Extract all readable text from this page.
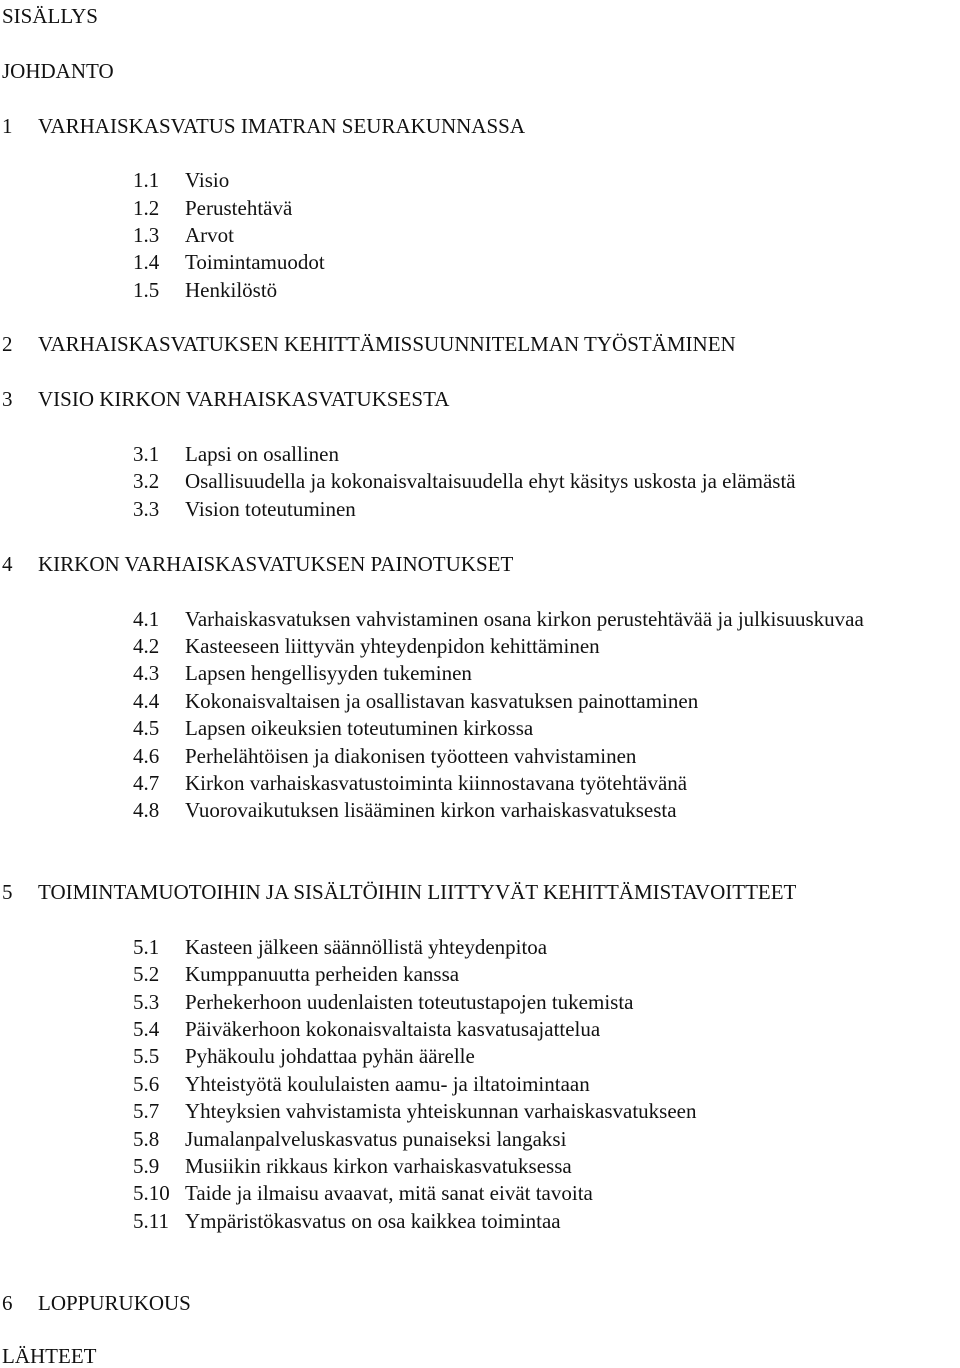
SISÄLLYS
JOHDANTO
1 VARHAISKASVATUS IMATRAN SEURAKUNNASSA
1.1 Visio
1.2 Perustehtävä
1.3 Arvot
1.4 Toimintamuodot
1.5 Henkilöstö
2 VARHAISKASVATUKSEN KEHITTÄMISSUUNNITELMAN TYÖSTÄMINEN
3 VISIO KIRKON VARHAISKASVATUKSESTA
3.1 Lapsi on osallinen
3.2 Osallisuudella ja kokonaisvaltaisuudella ehyt käsitys uskosta ja elämästä
3.3 Vision toteutuminen
4 KIRKON VARHAISKASVATUKSEN PAINOTUKSET
4.1 Varhaiskasvatuksen vahvistaminen osana kirkon perustehtävää ja julkisuuskuvaa
4.2 Kasteeseen liittyvän yhteydenpidon kehittäminen
4.3 Lapsen hengellisyyden tukeminen
4.4 Kokonaisvaltaisen ja osallistavan kasvatuksen painottaminen
4.5 Lapsen oikeuksien toteutuminen kirkossa
4.6 Perhelähtöisen ja diakonisen työotteen vahvistaminen
4.7 Kirkon varhaiskasvatustoiminta kiinnostavana työtehtävänä
4.8 Vuorovaikutuksen lisääminen kirkon varhaiskasvatuksesta
5 TOIMINTAMUOTOIHIN JA SISÄLTÖIHIN LIITTYVÄT KEHITTÄMISTAVOITTEET
5.1 Kasteen jälkeen säännöllistä yhteydenpitoa
5.2 Kumppanuutta perheiden kanssa
5.3 Perhekerhoon uudenlaisten toteutustapojen tukemista
5.4 Päiväkerhoon kokonaisvaltaista kasvatusajattelua
5.5 Pyhäkoulu johdattaa pyhän äärelle
5.6 Yhteistyötä koululaisten aamu- ja iltatoimintaan
5.7 Yhteyksien vahvistamista yhteiskunnan varhaiskasvatukseen
5.8 Jumalanpalveluskasvatus punaiseksi langaksi
5.9 Musiikin rikkaus kirkon varhaiskasvatuksessa
5.10 Taide ja ilmaisu avaavat, mitä sanat eivät tavoita
5.11 Ympäristökasvatus on osa kaikkea toimintaa
6 LOPPURUKOUS
LÄHTEET
